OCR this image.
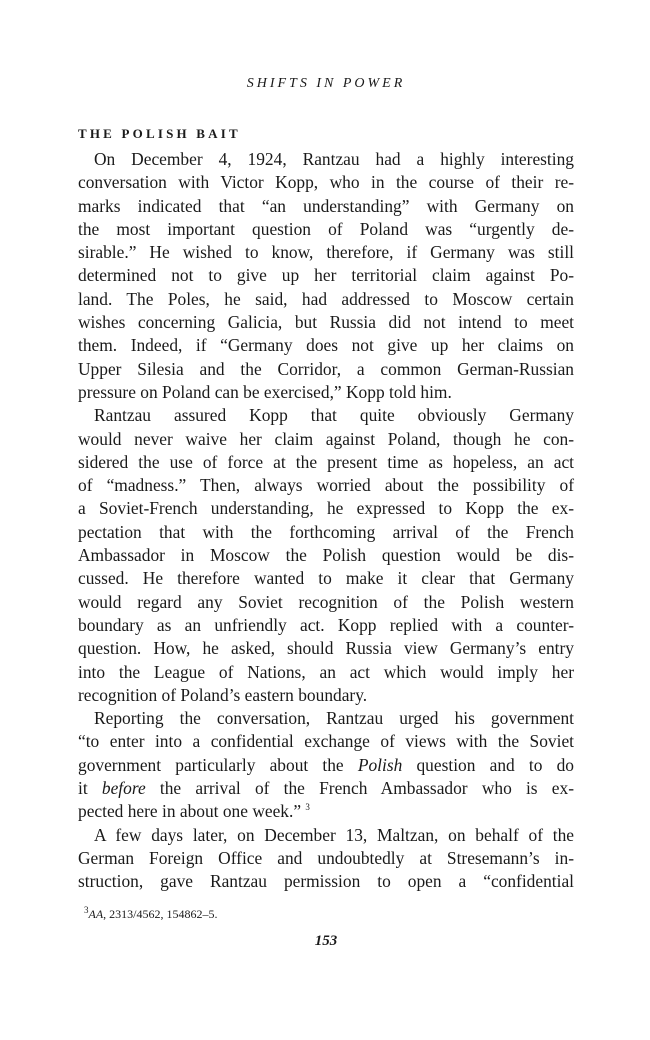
SHIFTS IN POWER
THE POLISH BAIT
On December 4, 1924, Rantzau had a highly interesting
conversation with Victor Kopp, who in the course of their re-
marks indicated that “an understanding” with Germany on
the most important question of Poland was “urgently de-
sirable.” He wished to know, therefore, if Germany was still
determined not to give up her territorial claim against Po-
land. The Poles, he said, had addressed to Moscow certain
wishes concerning Galicia, but Russia did not intend to meet
them. Indeed, if “Germany does not give up her claims on
Upper Silesia and the Corridor, a common German-Russian
pressure on Poland can be exercised,” Kopp told him.
Rantzau assured Kopp that quite obviously Germany
would never waive her claim against Poland, though he con-
sidered the use of force at the present time as hopeless, an act
of “madness.” Then, always worried about the possibility of
a Soviet-French understanding, he expressed to Kopp the ex-
pectation that with the forthcoming arrival of the French
Ambassador in Moscow the Polish question would be dis-
cussed. He therefore wanted to make it clear that Germany
would regard any Soviet recognition of the Polish western
boundary as an unfriendly act. Kopp replied with a counter-
question. How, he asked, should Russia view Germany’s entry
into the League of Nations, an act which would imply her
recognition of Poland’s eastern boundary.
Reporting the conversation, Rantzau urged his government
“to enter into a confidential exchange of views with the Soviet
government particularly about the Polish question and to do
it before the arrival of the French Ambassador who is ex-
pected here in about one week.” $^3$
A few days later, on December 13, Maltzan, on behalf of the
German Foreign Office and undoubtedly at Stresemann’s in-
struction, gave Rantzau permission to open a “confidential
$^3$AA, 2313/4562, 154862–5.
153
